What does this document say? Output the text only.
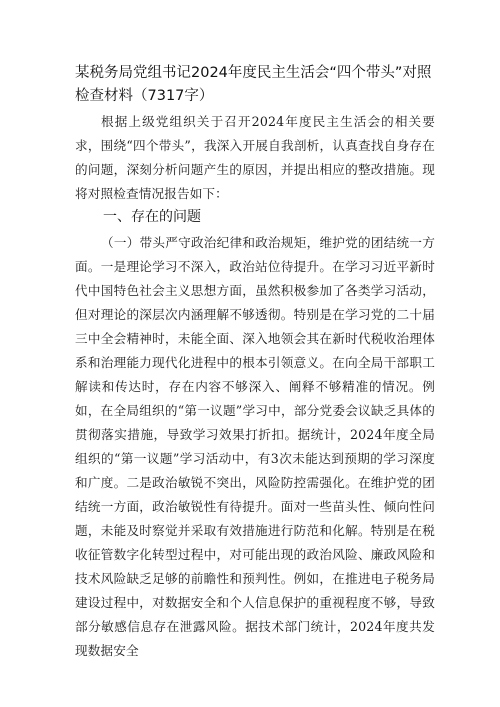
某税务局党组书记2024年度民主生活会“四个带头”对照检查材料（7317字）

根据上级党组织关于召开2024年度民主生活会的相关要求，围绕“四个带头”，我深入开展自我剖析，认真查找自身存在的问题，深刻分析问题产生的原因，并提出相应的整改措施。现将对照检查情况报告如下：

一、存在的问题

（一）带头严守政治纪律和政治规矩，维护党的团结统一方面。一是理论学习不深入，政治站位待提升。在学习习近平新时代中国特色社会主义思想方面，虽然积极参加了各类学习活动，但对理论的深层次内涵理解不够透彻。特别是在学习党的二十届三中全会精神时，未能全面、深入地领会其在新时代税收治理体系和治理能力现代化进程中的根本引领意义。在向全局干部职工解读和传达时，存在内容不够深入、阐释不够精准的情况。例如，在全局组织的“第一议题”学习中，部分党委会议缺乏具体的贯彻落实措施，导致学习效果打折扣。据统计，2024年度全局组织的“第一议题”学习活动中，有3次未能达到预期的学习深度和广度。二是政治敏锐不突出，风险防控需强化。在维护党的团结统一方面，政治敏锐性有待提升。面对一些苗头性、倾向性问题，未能及时察觉并采取有效措施进行防范和化解。特别是在税收征管数字化转型过程中，对可能出现的政治风险、廉政风险和技术风险缺乏足够的前瞻性和预判性。例如，在推进电子税务局建设过程中，对数据安全和个人信息保护的重视程度不够，导致部分敏感信息存在泄露风险。据技术部门统计，2024年度共发现数据安全
